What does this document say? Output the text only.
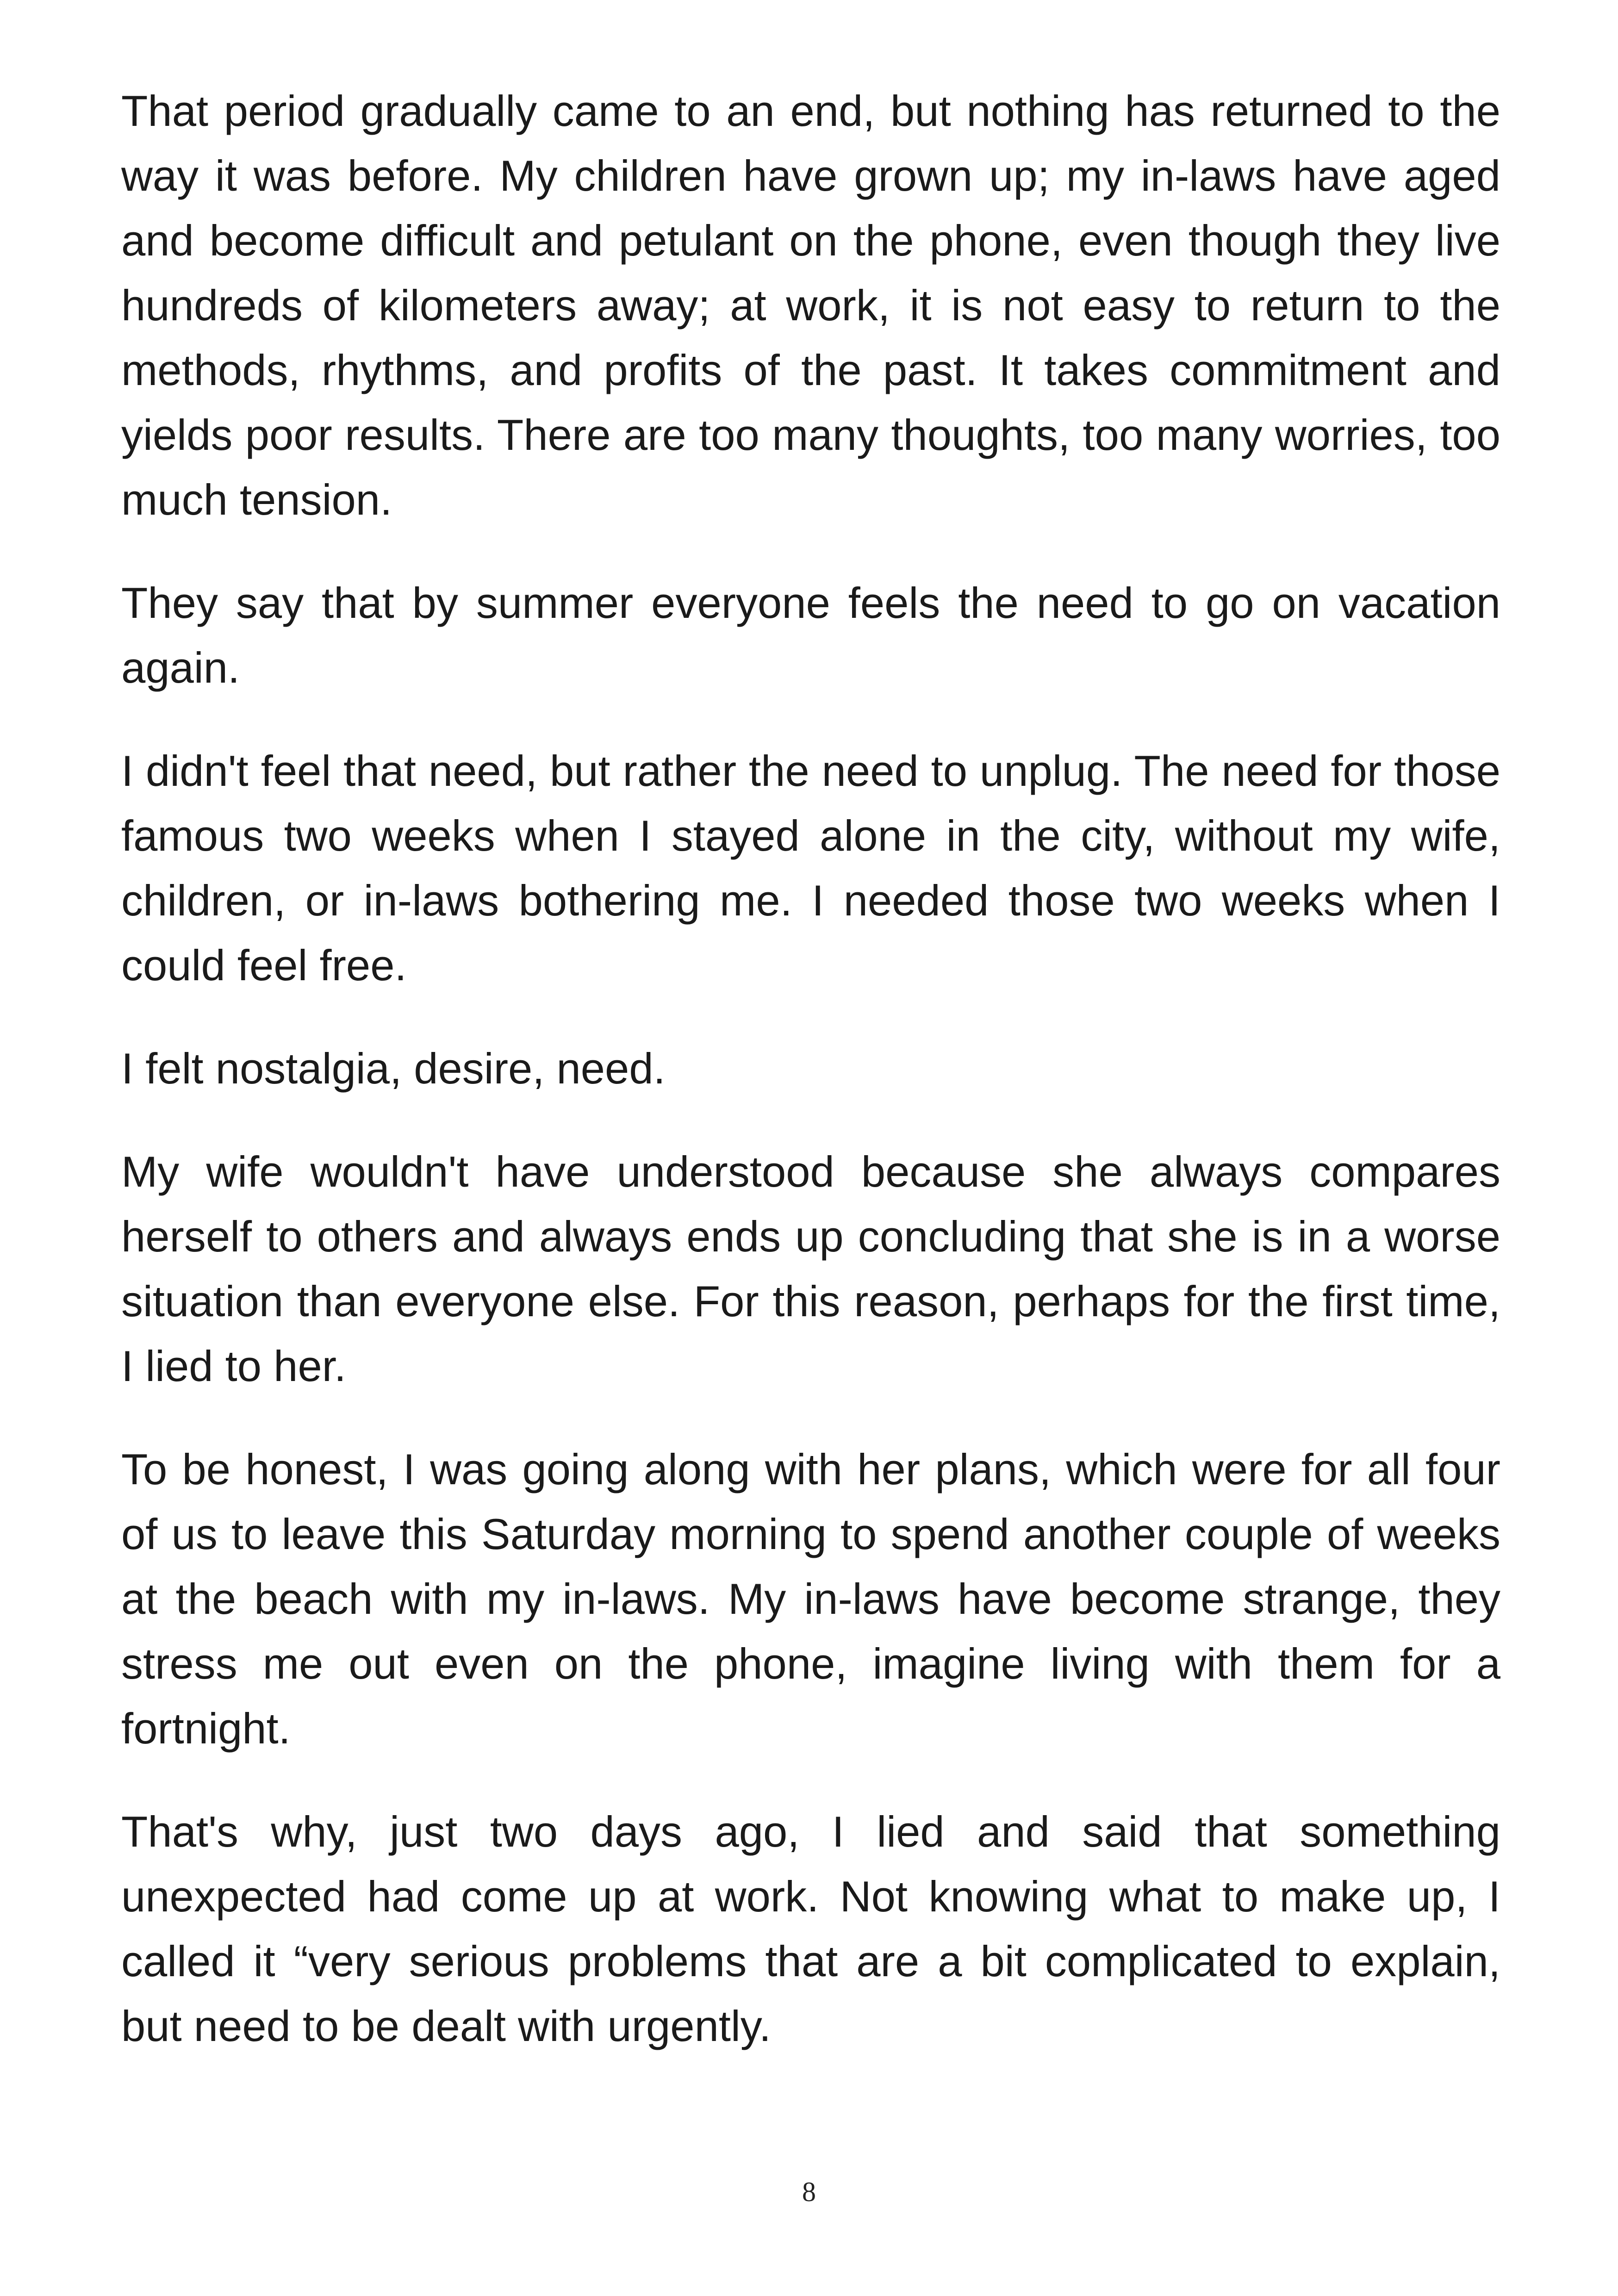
That period gradually came to an end, but nothing has returned to the way it was before. My children have grown up; my in-laws have aged and become difficult and petulant on the phone, even though they live hundreds of kilometers away; at work, it is not easy to return to the methods, rhythms, and profits of the past. It takes commitment and yields poor results. There are too many thoughts, too many worries, too much tension.

They say that by summer everyone feels the need to go on vacation again.

I didn't feel that need, but rather the need to unplug. The need for those famous two weeks when I stayed alone in the city, without my wife, children, or in-laws bothering me. I needed those two weeks when I could feel free.

I felt nostalgia, desire, need.

My wife wouldn't have understood because she always compares herself to others and always ends up concluding that she is in a worse situation than everyone else. For this reason, perhaps for the first time, I lied to her.

To be honest, I was going along with her plans, which were for all four of us to leave this Saturday morning to spend another couple of weeks at the beach with my in-laws. My in-laws have become strange, they stress me out even on the phone, imagine living with them for a fortnight.

That's why, just two days ago, I lied and said that something unexpected had come up at work. Not knowing what to make up, I called it “very serious problems that are a bit complicated to explain, but need to be dealt with urgently.

8
